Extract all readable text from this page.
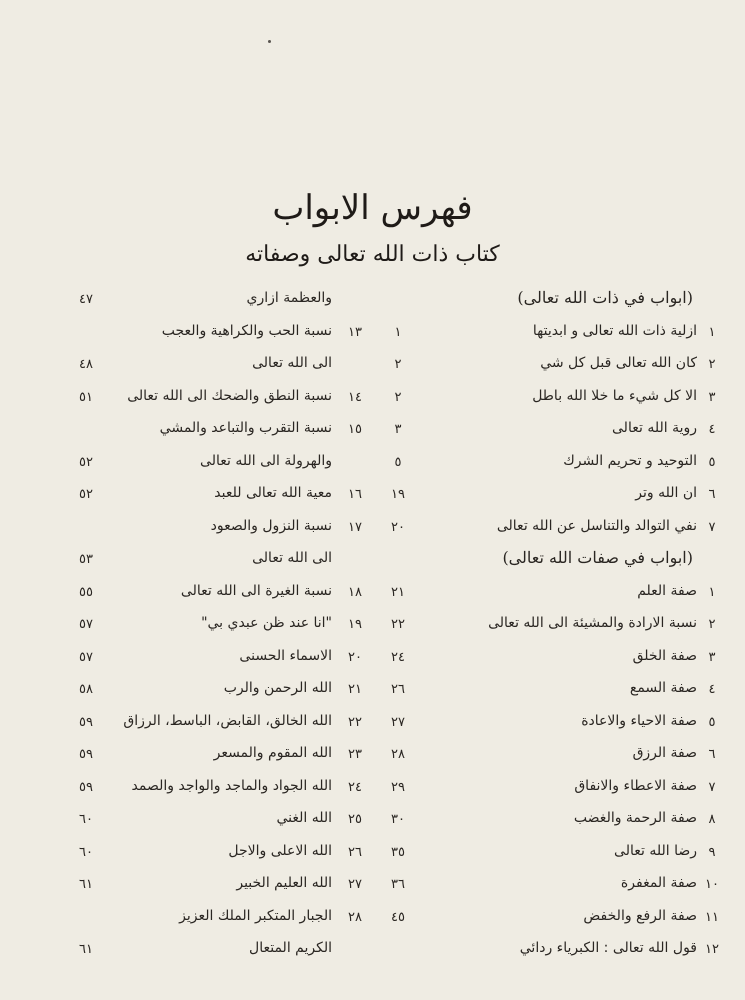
فهرس الابواب
كتاب ذات الله تعالى وصفاته
(ابواب في ذات الله تعالى)
١
ازلية ذات الله تعالى و ابديتها
١
٢
كان الله تعالى قبل كل شي
٢
٣
الا كل شيء ما خلا الله باطل
٢
٤
روية الله تعالى
٣
٥
التوحيد و تحريم الشرك
٥
٦
ان الله وتر
١٩
٧
نفي التوالد والتناسل عن الله تعالى
٢٠
(ابواب في صفات الله تعالى)
١
صفة العلم
٢١
٢
نسبة الارادة والمشيئة الى الله تعالى
٢٢
٣
صفة الخلق
٢٤
٤
صفة السمع
٢٦
٥
صفة الاحياء والاعادة
٢٧
٦
صفة الرزق
٢٨
٧
صفة الاعطاء والانفاق
٢٩
٨
صفة الرحمة والغضب
٣٠
٩
رضا الله تعالى
٣٥
١٠
صفة المغفرة
٣٦
١١
صفة الرفع والخفض
٤٥
١٢
قول الله تعالى : الكبرياء ردائي
والعظمة ازاري
٤٧
١٣
نسبة الحب والكراهية والعجب
الى الله تعالى
٤٨
١٤
نسبة النطق والضحك الى الله تعالى
٥١
١٥
نسبة التقرب والتباعد والمشي
والهرولة الى الله تعالى
٥٢
١٦
معية الله تعالى للعبد
٥٢
١٧
نسبة النزول والصعود
الى الله تعالى
٥٣
١٨
نسبة الغيرة الى الله تعالى
٥٥
١٩
"انا عند ظن عبدي بي"
٥٧
٢٠
الاسماء الحسنى
٥٧
٢١
الله الرحمن والرب
٥٨
٢٢
الله الخالق، القابض، الباسط، الرزاق
٥٩
٢٣
الله المقوم والمسعر
٥٩
٢٤
الله الجواد والماجد والواجد والصمد
٥٩
٢٥
الله الغني
٦٠
٢٦
الله الاعلى والاجل
٦٠
٢٧
الله العليم الخبير
٦١
٢٨
الجبار المتكبر الملك العزيز
الكريم المتعال
٦١
